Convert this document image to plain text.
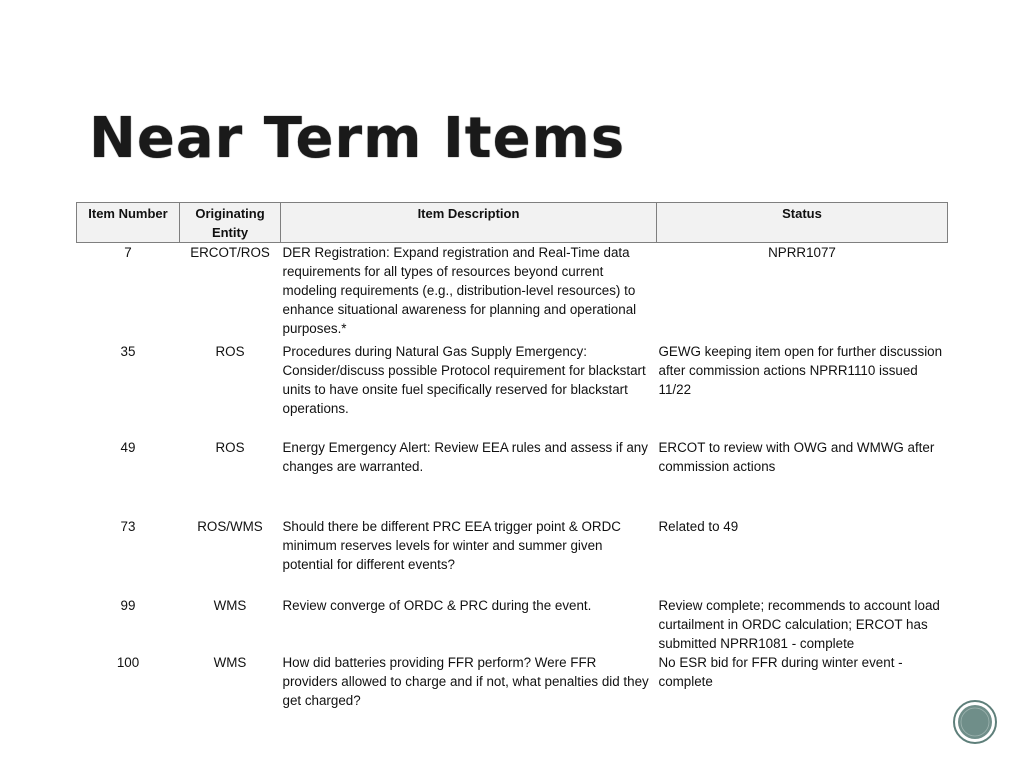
Near Term Items
Item Number	Originating Entity	Item Description	Status
7	ERCOT/ROS	DER Registration: Expand registration and Real-Time data requirements for all types of resources beyond current modeling requirements (e.g., distribution-level resources) to enhance situational awareness for planning and operational purposes.*	NPRR1077
35	ROS	Procedures during Natural Gas Supply Emergency: Consider/discuss possible Protocol requirement for blackstart units to have onsite fuel specifically reserved for blackstart operations.	GEWG keeping item open for further discussion after commission actions NPRR1110 issued 11/22
49	ROS	Energy Emergency Alert: Review EEA rules and assess if any changes are warranted.	ERCOT to review with OWG and WMWG after commission actions
73	ROS/WMS	Should there be different PRC EEA trigger point & ORDC minimum reserves levels for winter and summer given potential for different events?	Related to 49
99	WMS	Review converge of ORDC & PRC during the event.	Review complete; recommends to account load curtailment in ORDC calculation; ERCOT has submitted NPRR1081 - complete
100	WMS	How did batteries providing FFR perform? Were FFR providers allowed to charge and if not, what penalties did they get charged?	No ESR bid for FFR during winter event - complete
